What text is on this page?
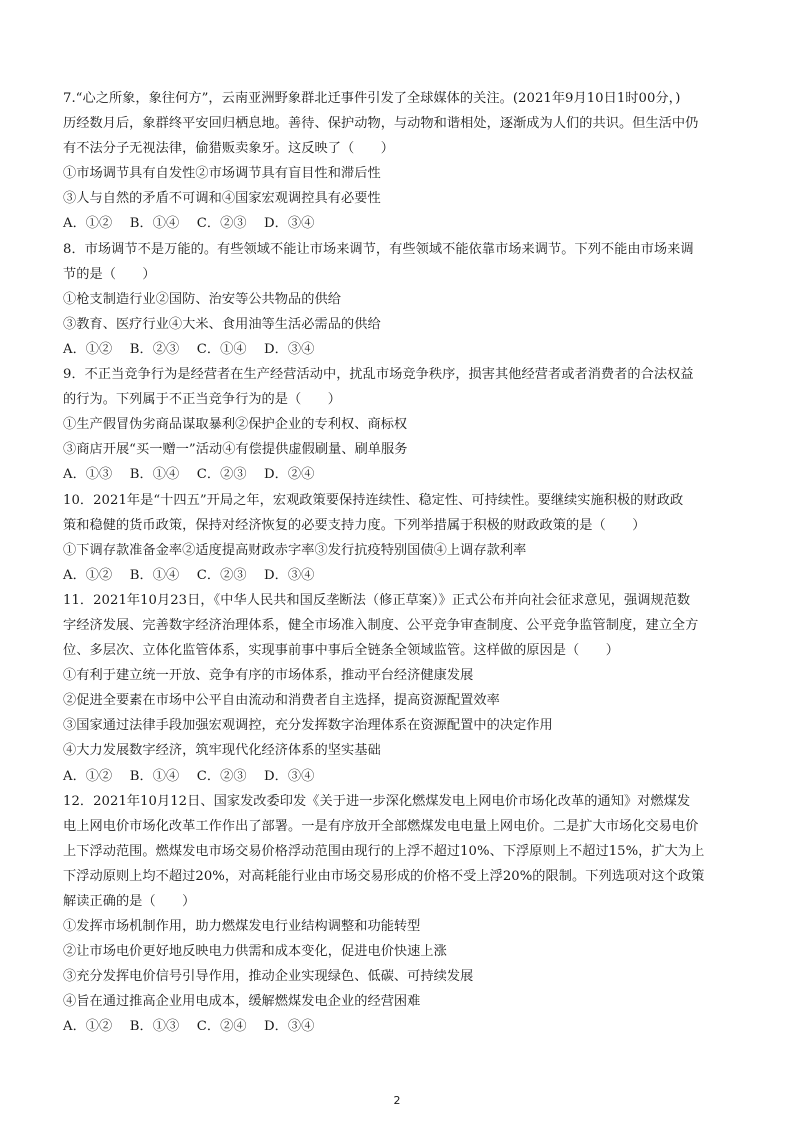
7.“心之所象，象往何方”，云南亚洲野象群北迁事件引发了全球媒体的关注。(2021年9月10日1时00分，)
历经数月后，象群终平安回归栖息地。善待、保护动物，与动物和谐相处，逐渐成为人们的共识。但生活中仍
有不法分子无视法律，偷猎贩卖象牙。这反映了（　　）
①市场调节具有自发性②市场调节具有盲目性和滞后性
③人与自然的矛盾不可调和④国家宏观调控具有必要性
A．①②　 B．①④　 C．②③　 D．③④
8．市场调节不是万能的。有些领域不能让市场来调节，有些领域不能依靠市场来调节。下列不能由市场来调
节的是（　　）
①枪支制造行业②国防、治安等公共物品的供给
③教育、医疗行业④大米、食用油等生活必需品的供给
A．①②　 B．②③　 C．①④　 D．③④
9．不正当竞争行为是经营者在生产经营活动中，扰乱市场竞争秩序，损害其他经营者或者消费者的合法权益
的行为。下列属于不正当竞争行为的是（　　）
①生产假冒伪劣商品谋取暴利②保护企业的专利权、商标权
③商店开展“买一赠一”活动④有偿提供虚假刷量、刷单服务
A．①③　 B．①④　 C．②③　 D．②④
10．2021年是“十四五”开局之年，宏观政策要保持连续性、稳定性、可持续性。要继续实施积极的财政政
策和稳健的货币政策，保持对经济恢复的必要支持力度。下列举措属于积极的财政政策的是（　　）
①下调存款准备金率②适度提高财政赤字率③发行抗疫特别国债④上调存款利率
A．①②　 B．①④　 C．②③　 D．③④
11．2021年10月23日，《中华人民共和国反垄断法（修正草案）》正式公布并向社会征求意见，强调规范数
字经济发展、完善数字经济治理体系，健全市场准入制度、公平竞争审查制度、公平竞争监管制度，建立全方
位、多层次、立体化监管体系，实现事前事中事后全链条全领域监管。这样做的原因是（　　）
①有利于建立统一开放、竞争有序的市场体系，推动平台经济健康发展
②促进全要素在市场中公平自由流动和消费者自主选择，提高资源配置效率
③国家通过法律手段加强宏观调控，充分发挥数字治理体系在资源配置中的决定作用
④大力发展数字经济，筑牢现代化经济体系的坚实基础
A．①②　 B．①④　 C．②③　 D．③④
12．2021年10月12日、国家发改委印发《关于进一步深化燃煤发电上网电价市场化改革的通知》对燃煤发
电上网电价市场化改革工作作出了部署。一是有序放开全部燃煤发电电量上网电价。二是扩大市场化交易电价
上下浮动范围。燃煤发电市场交易价格浮动范围由现行的上浮不超过10%、下浮原则上不超过15%，扩大为上
下浮动原则上均不超过20%，对高耗能行业由市场交易形成的价格不受上浮20%的限制。下列选项对这个政策
解读正确的是（　　）
①发挥市场机制作用，助力燃煤发电行业结构调整和功能转型
②让市场电价更好地反映电力供需和成本变化，促进电价快速上涨
③充分发挥电价信号引导作用，推动企业实现绿色、低碳、可持续发展
④旨在通过推高企业用电成本，缓解燃煤发电企业的经营困难
A．①②　 B．①③　 C．②④　 D．③④
2
